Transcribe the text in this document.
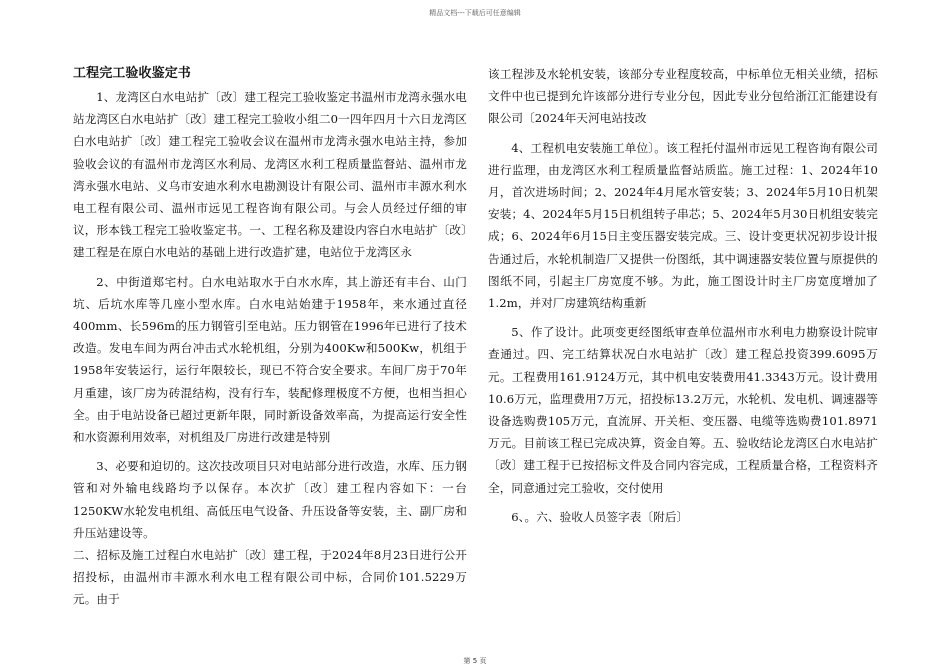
精品文档---下载后可任意编辑
工程完工验收鉴定书

1、龙湾区白水电站扩〔改〕建工程完工验收鉴定书温州市龙湾永强水电站龙湾区白水电站扩〔改〕建工程完工验收小组二0一四年四月十六日龙湾区白水电站扩〔改〕建工程完工验收会议在温州市龙湾永强水电站主持，参加验收会议的有温州市龙湾区水利局、龙湾区水利工程质量监督站、温州市龙湾永强水电站、义乌市安迪水利水电勘测设计有限公司、温州市丰源水利水电工程有限公司、温州市远见工程咨询有限公司。与会人员经过仔细的审议，形本钱工程完工验收鉴定书。一、工程名称及建设内容白水电站扩〔改〕建工程是在原白水电站的基础上进行改造扩建，电站位于龙湾区永

2、中街道郑宅村。白水电站取水于白水水库，其上游还有丰台、山门坑、后坑水库等几座小型水库。白水电站始建于1958年，来水通过直径400mm、长596m的压力钢管引至电站。压力钢管在1996年已进行了技术改造。发电车间为两台冲击式水轮机组，分别为400Kw和500Kw，机组于1958年安装运行，运行年限较长，现已不符合安全要求。车间厂房于70年月重建，该厂房为砖混结构，没有行车，装配修理极度不方便，也相当担心全。由于电站设备已超过更新年限，同时新设备效率高，为提高运行安全性和水资源利用效率，对机组及厂房进行改建是特别

3、必要和迫切的。这次技改项目只对电站部分进行改造，水库、压力钢管和对外输电线路均予以保存。本次扩〔改〕建工程内容如下：一台1250KW水轮发电机组、高低压电气设备、升压设备等安装，主、副厂房和升压站建设等。

二、招标及施工过程白水电站扩〔改〕建工程，于2024年8月23日进行公开招投标，由温州市丰源水利水电工程有限公司中标，合同价101.5229万元。由于

该工程涉及水轮机安装，该部分专业程度较高，中标单位无相关业绩，招标文件中也已提到允许该部分进行专业分包，因此专业分包给浙江汇能建设有限公司〔2024年天河电站技改

4、工程机电安装施工单位〕。该工程托付温州市远见工程咨询有限公司进行监理，由龙湾区水利工程质量监督站质监。施工过程：1、2024年10月，首次进场时间；2、2024年4月尾水管安装；3、2024年5月10日机架安装；4、2024年5月15日机组转子串芯；5、2024年5月30日机组安装完成；6、2024年6月15日主变压器安装完成。三、设计变更状况初步设计报告通过后，水轮机制造厂又提供一份图纸，其中调速器安装位置与原提供的图纸不同，引起主厂房宽度不够。为此，施工图设计时主厂房宽度增加了1.2m，并对厂房建筑结构重新

5、作了设计。此项变更经图纸审查单位温州市水利电力勘察设计院审查通过。四、完工结算状况白水电站扩〔改〕建工程总投资399.6095万元。工程费用161.9124万元，其中机电安装费用41.3343万元。设计费用10.6万元，监理费用7万元，招投标13.2万元，水轮机、发电机、调速器等设备选购费105万元，直流屏、开关柜、变压器、电缆等选购费101.8971万元。目前该工程已完成决算，资金自筹。五、验收结论龙湾区白水电站扩〔改〕建工程于已按招标文件及合同内容完成，工程质量合格，工程资料齐全，同意通过完工验收，交付使用

6、。六、验收人员签字表〔附后〕

第 5 页
